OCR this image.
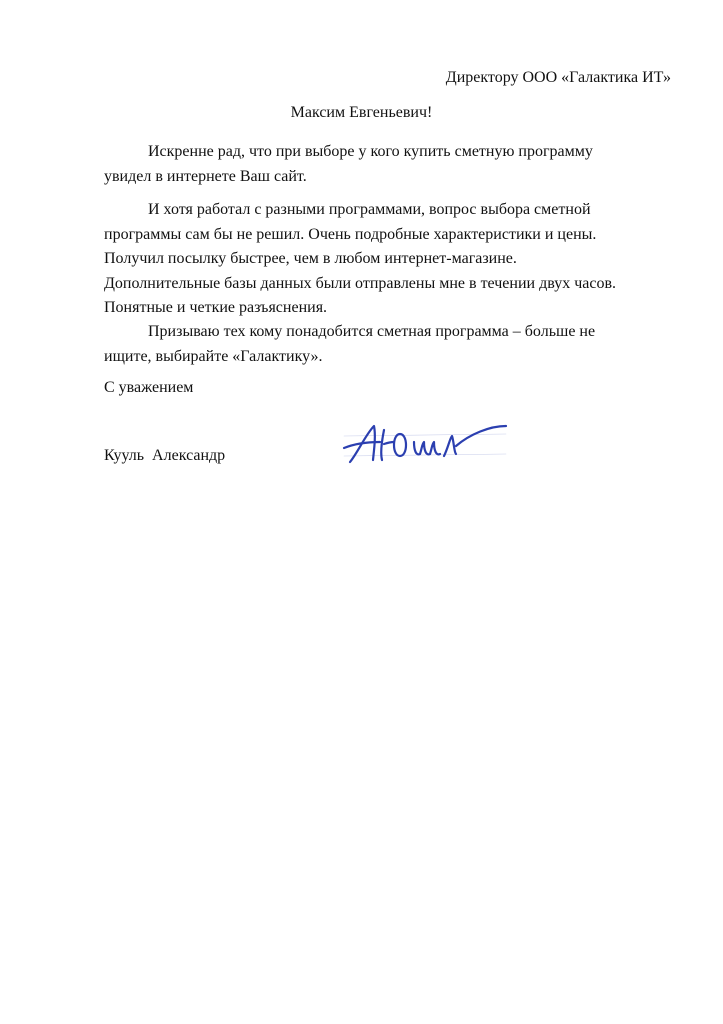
Директору ООО «Галактика ИТ»
Максим Евгеньевич!
Искренне рад, что при выборе у кого купить сметную программу
увидел в интернете Ваш сайт.
И хотя работал с разными программами, вопрос выбора сметной
программы сам бы не решил. Очень подробные характеристики и цены.
Получил посылку быстрее, чем в любом интернет-магазине.
Дополнительные базы данных были отправлены мне в течении двух часов.
Понятные и четкие разъяснения.
Призываю тех кому понадобится сметная программа – больше не
ищите, выбирайте «Галактику».
С уважением
Кууль  Александр
